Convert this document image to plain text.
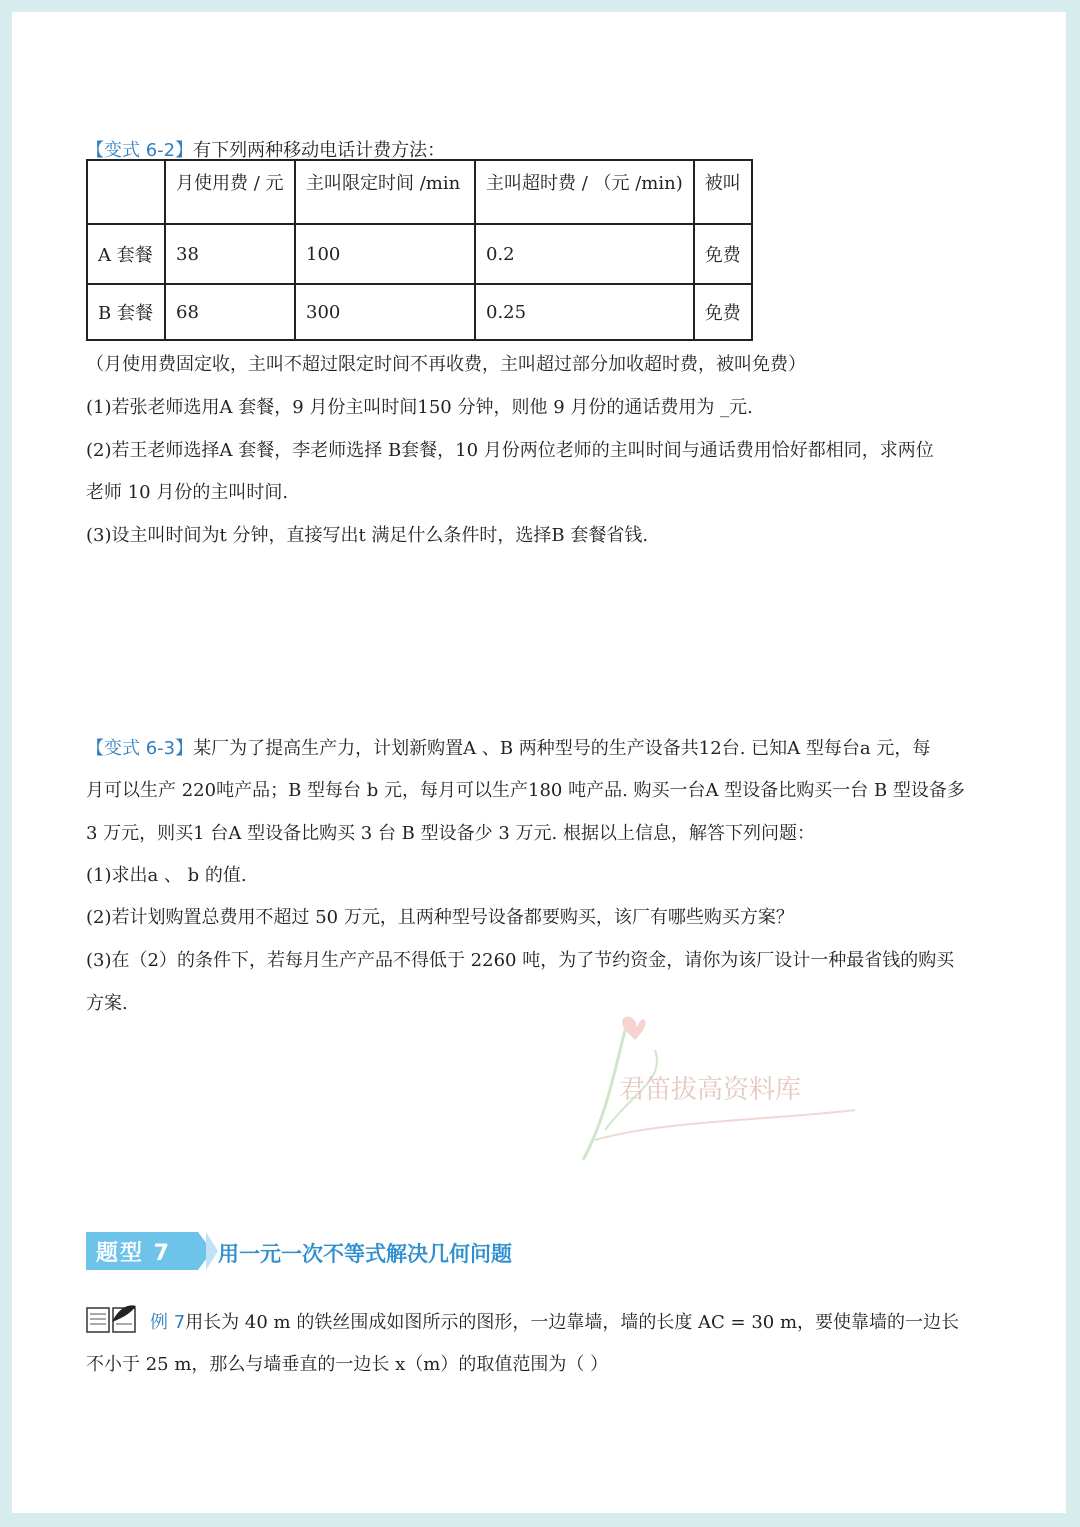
【变式 6-2】有下列两种移动电话计费方法：
	月使用费 / 元	主叫限定时间 /min	主叫超时费 / （元 /min)	被叫
A 套餐	38	100	0.2	免费
B 套餐	68	300	0.25	免费
（月使用费固定收，主叫不超过限定时间不再收费，主叫超过部分加收超时费，被叫免费）
(1)若张老师选用A 套餐，9 月份主叫时间150 分钟，则他 9 月份的通话费用为 _元.
(2)若王老师选择A 套餐，李老师选择 B套餐，10 月份两位老师的主叫时间与通话费用恰好都相同，求两位
老师 10 月份的主叫时间.
(3)设主叫时间为t 分钟，直接写出t 满足什么条件时，选择B 套餐省钱.
【变式 6-3】某厂为了提高生产力，计划新购置A 、B 两种型号的生产设备共12台. 已知A 型每台a 元，每
月可以生产 220吨产品；B 型每台 b 元，每月可以生产180 吨产品. 购买一台A 型设备比购买一台 B 型设备多
3 万元，则买1 台A 型设备比购买 3 台 B 型设备少 3 万元. 根据以上信息，解答下列问题：
(1)求出a 、 b 的值.
(2)若计划购置总费用不超过 50 万元，且两种型号设备都要购买，该厂有哪些购买方案？
(3)在（2）的条件下，若每月生产产品不得低于 2260 吨，为了节约资金，请你为该厂设计一种最省钱的购买
方案.
君笛拔高资料库
题型 7 用一元一次不等式解决几何问题
例 7用长为 40 m 的铁丝围成如图所示的图形，一边靠墙，墙的长度 AC = 30 m，要使靠墙的一边长
不小于 25 m，那么与墙垂直的一边长 x（m）的取值范围为（ ）
